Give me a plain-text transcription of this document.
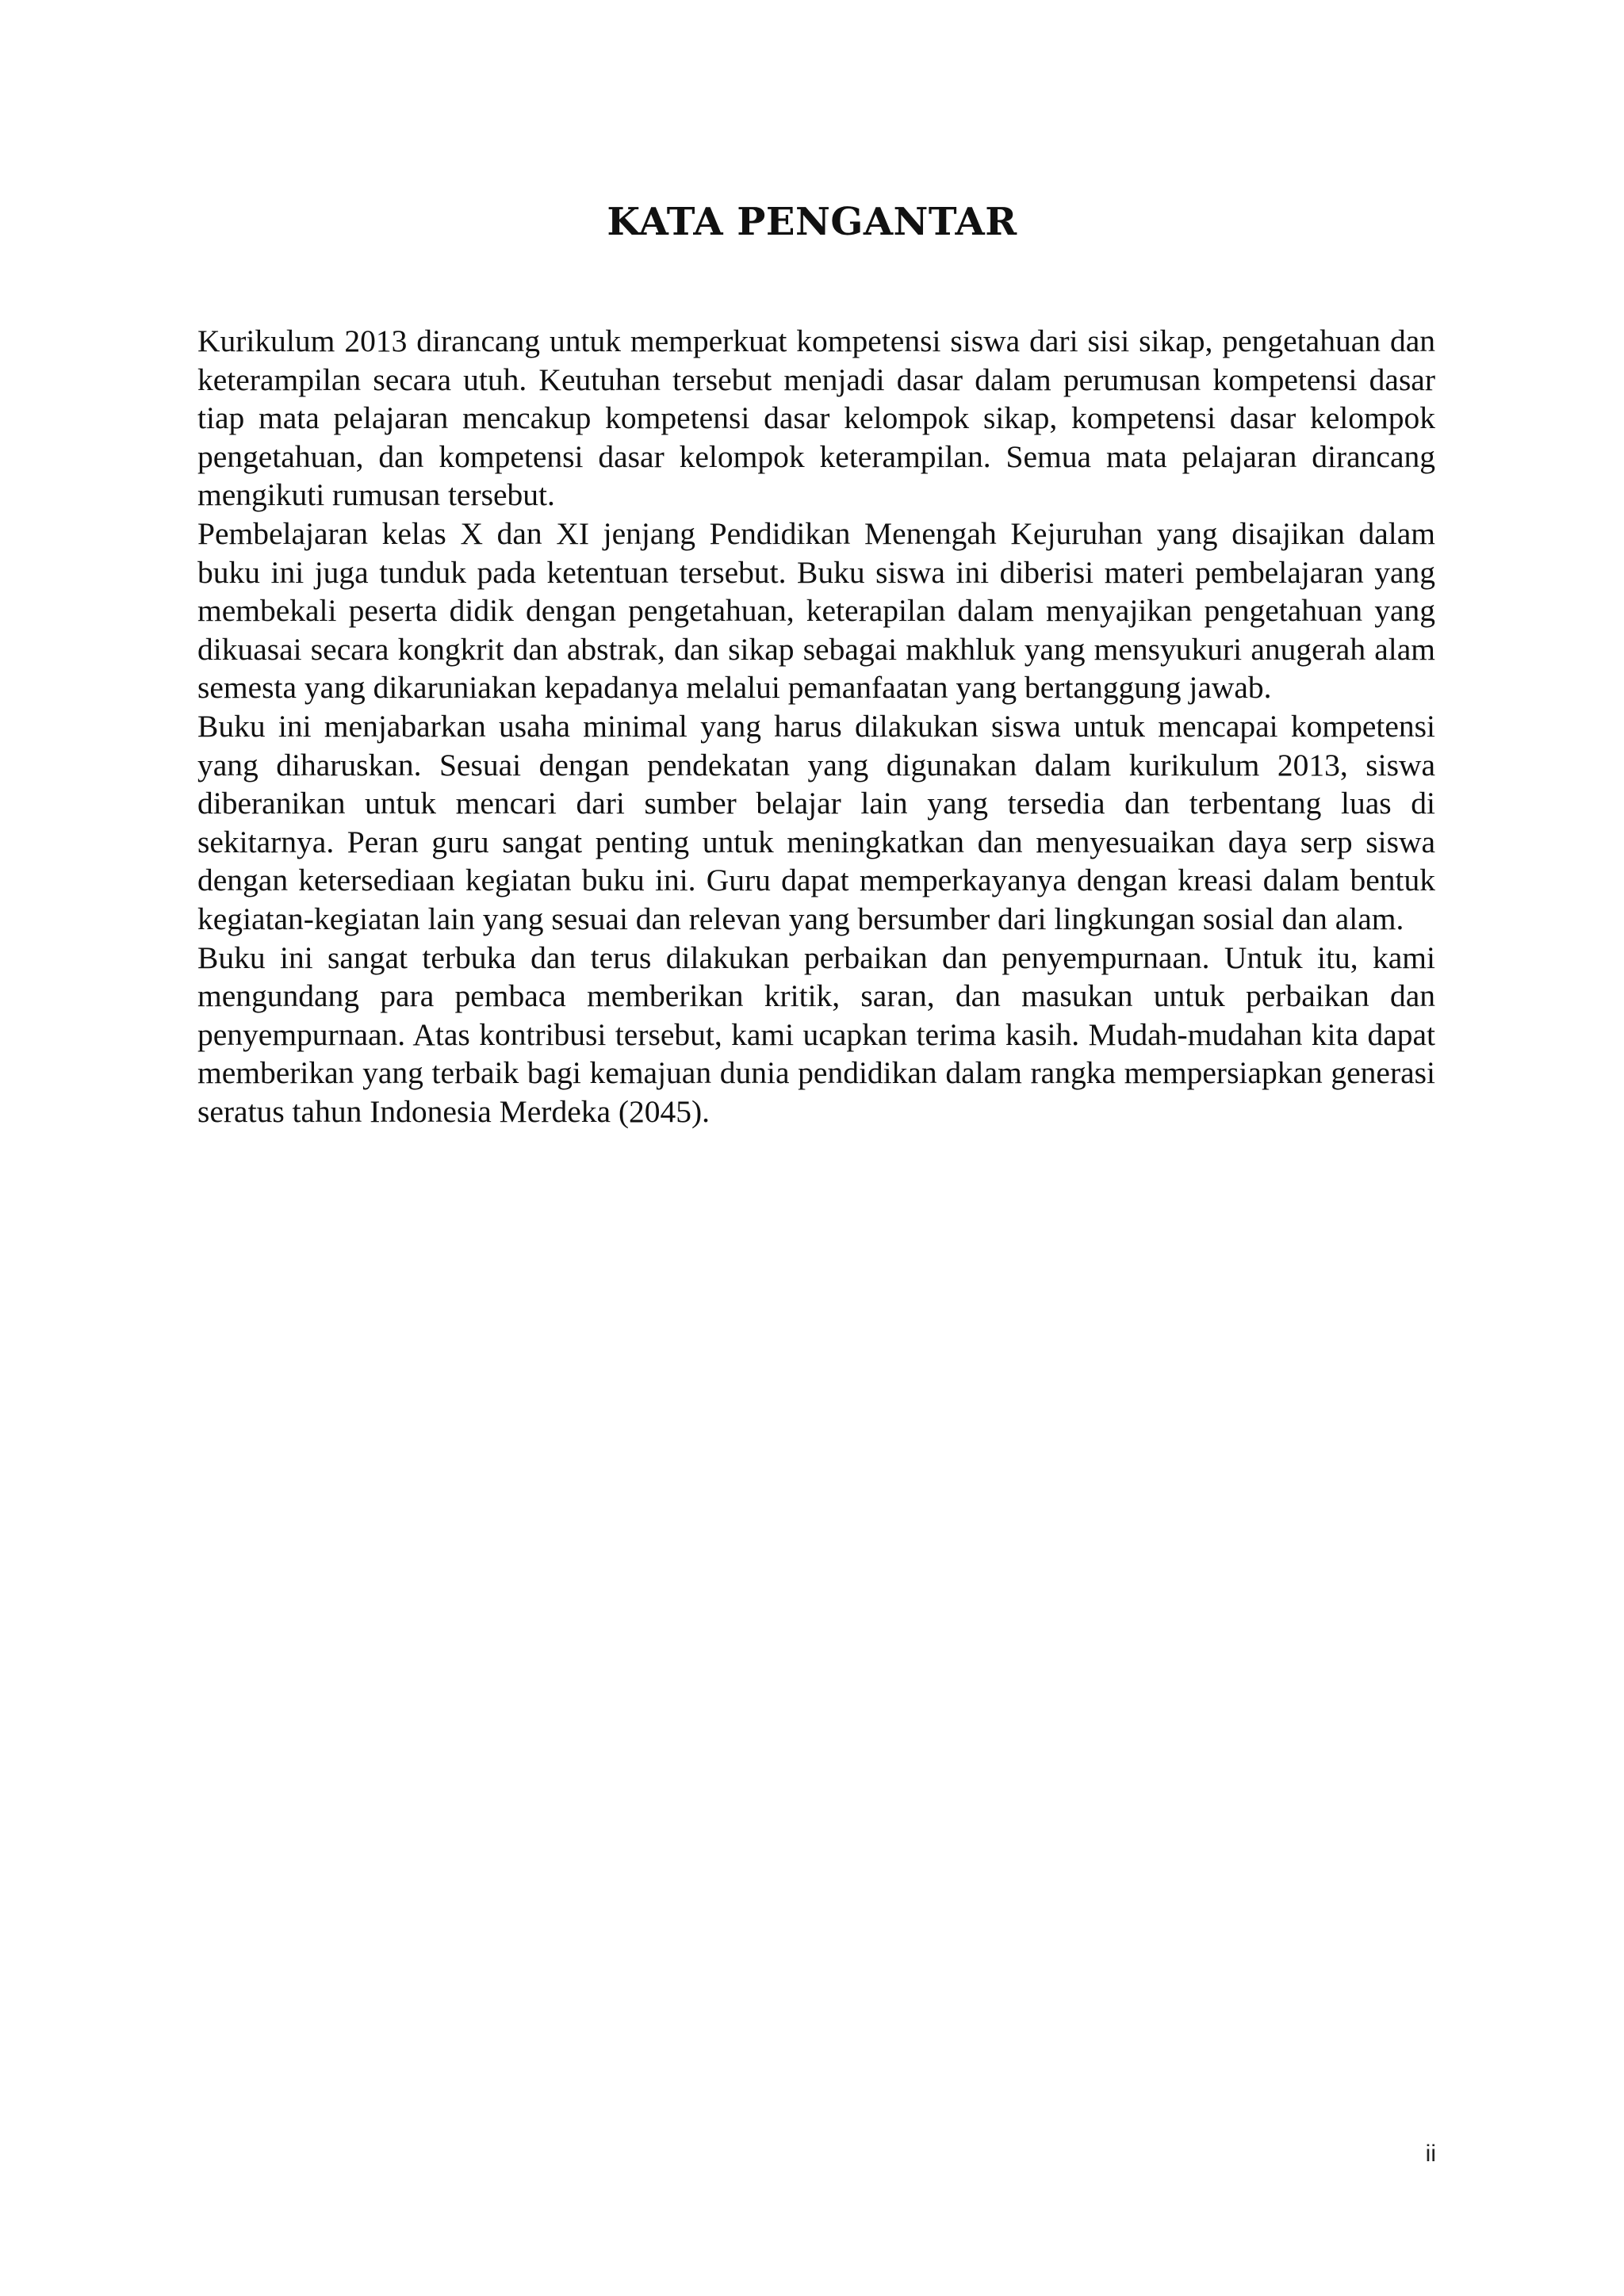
KATA PENGANTAR

Kurikulum 2013 dirancang untuk memperkuat kompetensi siswa dari sisi sikap, pengetahuan dan keterampilan secara utuh. Keutuhan tersebut menjadi dasar dalam perumusan kompetensi dasar tiap mata pelajaran mencakup kompetensi dasar kelompok sikap, kompetensi dasar kelompok pengetahuan, dan kompetensi dasar kelompok keterampilan. Semua mata pelajaran dirancang mengikuti rumusan tersebut.

Pembelajaran kelas X dan XI jenjang Pendidikan Menengah Kejuruhan yang disajikan dalam buku ini juga tunduk pada ketentuan tersebut. Buku siswa ini diberisi materi pembelajaran yang membekali peserta didik dengan pengetahuan, keterapilan dalam menyajikan pengetahuan yang dikuasai secara kongkrit dan abstrak, dan sikap sebagai makhluk yang mensyukuri anugerah alam semesta yang dikaruniakan kepadanya melalui pemanfaatan yang bertanggung jawab.

Buku ini menjabarkan usaha minimal yang harus dilakukan siswa untuk mencapai kompetensi yang diharuskan. Sesuai dengan pendekatan yang digunakan dalam kurikulum 2013, siswa diberanikan untuk mencari dari sumber belajar lain yang tersedia dan terbentang luas di sekitarnya. Peran guru sangat penting untuk meningkatkan dan menyesuaikan daya serp siswa dengan ketersediaan kegiatan buku ini. Guru dapat memperkayanya dengan kreasi dalam bentuk kegiatan-kegiatan lain yang sesuai dan relevan yang bersumber dari lingkungan sosial dan alam.

Buku ini sangat terbuka dan terus dilakukan perbaikan dan penyempurnaan. Untuk itu, kami mengundang para pembaca memberikan kritik, saran, dan masukan untuk perbaikan dan penyempurnaan. Atas kontribusi tersebut, kami ucapkan terima kasih. Mudah-mudahan kita dapat memberikan yang terbaik bagi kemajuan dunia pendidikan dalam rangka mempersiapkan generasi seratus tahun Indonesia Merdeka (2045).

ii
